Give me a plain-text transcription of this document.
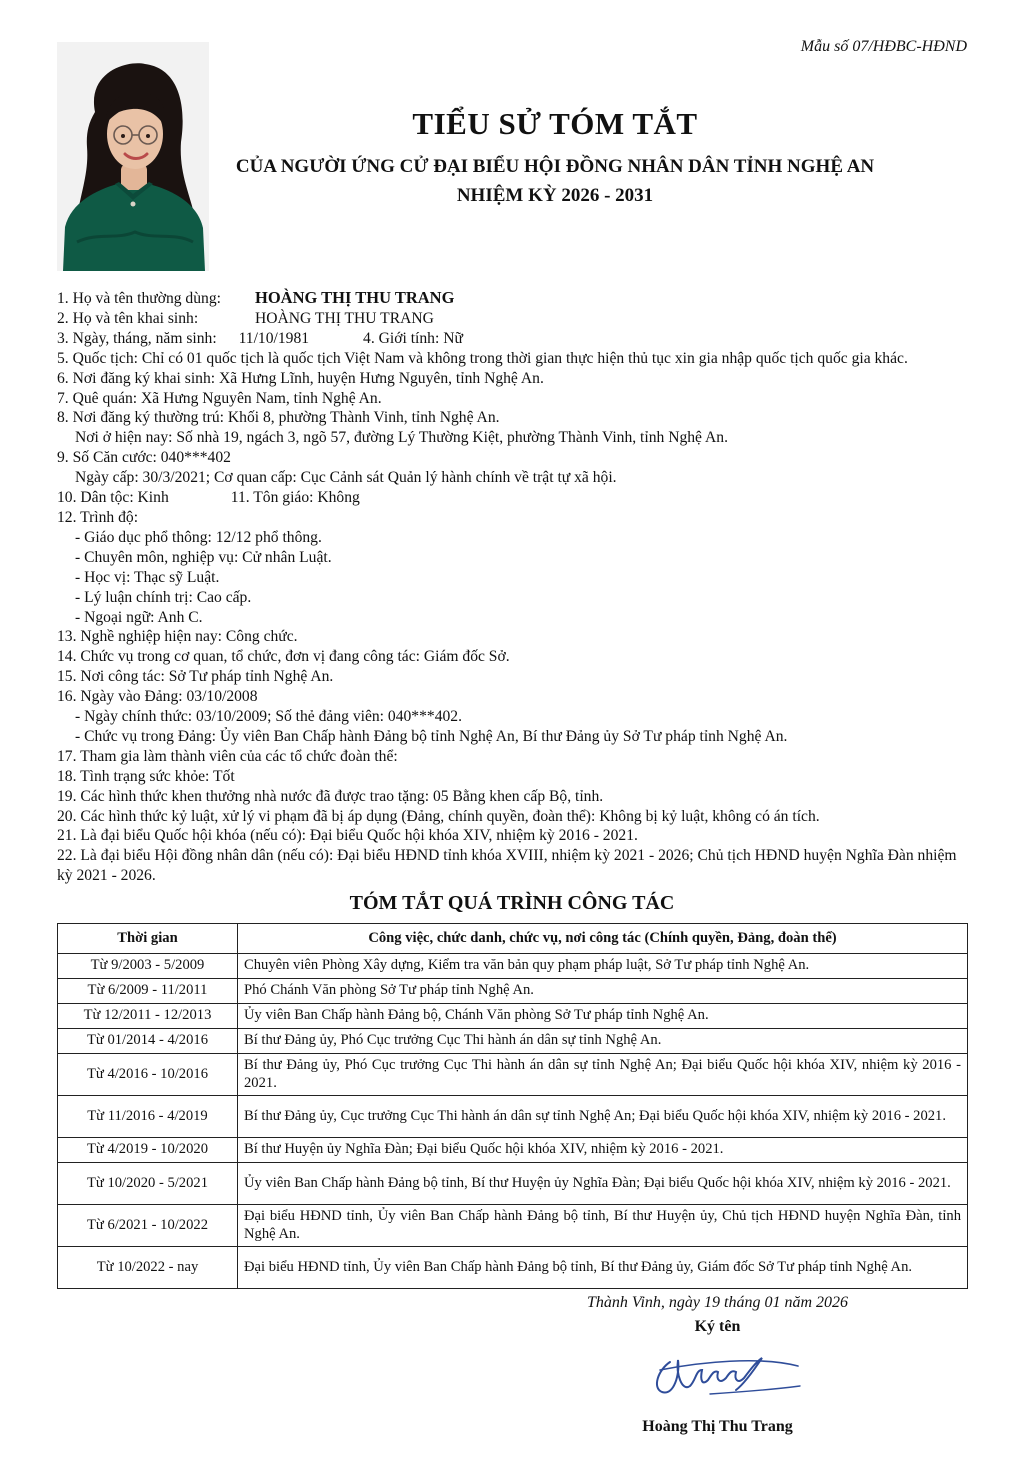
Mẫu số 07/HĐBC-HĐND
TIỂU SỬ TÓM TẮT
CỦA NGƯỜI ỨNG CỬ ĐẠI BIỂU HỘI ĐỒNG NHÂN DÂN TỈNH NGHỆ AN
NHIỆM KỲ 2026 - 2031
1. Họ và tên thường dùng: HOÀNG THỊ THU TRANG
2. Họ và tên khai sinh:	HOÀNG THỊ THU TRANG
3. Ngày, tháng, năm sinh: 11/10/1981	4. Giới tính: Nữ
5. Quốc tịch: Chỉ có 01 quốc tịch là quốc tịch Việt Nam và không trong thời gian thực hiện thủ tục xin gia nhập quốc tịch quốc gia khác.
6. Nơi đăng ký khai sinh: Xã Hưng Lĩnh, huyện Hưng Nguyên, tỉnh Nghệ An.
7. Quê quán: Xã Hưng Nguyên Nam, tỉnh Nghệ An.
8. Nơi đăng ký thường trú: Khối 8, phường Thành Vinh, tỉnh Nghệ An.
Nơi ở hiện nay: Số nhà 19, ngách 3, ngõ 57, đường Lý Thường Kiệt, phường Thành Vinh, tỉnh Nghệ An.
9. Số Căn cước: 040***402
Ngày cấp: 30/3/2021; Cơ quan cấp: Cục Cảnh sát Quản lý hành chính về trật tự xã hội.
10. Dân tộc: Kinh	11. Tôn giáo: Không
12. Trình độ:
- Giáo dục phổ thông: 12/12 phổ thông.
- Chuyên môn, nghiệp vụ: Cử nhân Luật.
- Học vị: Thạc sỹ Luật.
- Lý luận chính trị: Cao cấp.
- Ngoại ngữ: Anh C.
13. Nghề nghiệp hiện nay: Công chức.
14. Chức vụ trong cơ quan, tổ chức, đơn vị đang công tác: Giám đốc Sở.
15. Nơi công tác: Sở Tư pháp tỉnh Nghệ An.
16. Ngày vào Đảng: 03/10/2008
- Ngày chính thức: 03/10/2009; Số thẻ đảng viên: 040***402.
- Chức vụ trong Đảng: Ủy viên Ban Chấp hành Đảng bộ tỉnh Nghệ An, Bí thư Đảng ủy Sở Tư pháp tỉnh Nghệ An.
17. Tham gia làm thành viên của các tổ chức đoàn thể:
18. Tình trạng sức khỏe: Tốt
19. Các hình thức khen thưởng nhà nước đã được trao tặng: 05 Bằng khen cấp Bộ, tỉnh.
20. Các hình thức kỷ luật, xử lý vi phạm đã bị áp dụng (Đảng, chính quyền, đoàn thể): Không bị kỷ luật, không có án tích.
21. Là đại biểu Quốc hội khóa (nếu có): Đại biểu Quốc hội khóa XIV, nhiệm kỳ 2016 - 2021.
22. Là đại biểu Hội đồng nhân dân (nếu có): Đại biểu HĐND tỉnh khóa XVIII, nhiệm kỳ 2021 - 2026; Chủ tịch HĐND huyện Nghĩa Đàn nhiệm kỳ 2021 - 2026.
TÓM TẮT QUÁ TRÌNH CÔNG TÁC
Thời gian	Công việc, chức danh, chức vụ, nơi công tác (Chính quyền, Đảng, đoàn thể)
Từ 9/2003 - 5/2009	Chuyên viên Phòng Xây dựng, Kiểm tra văn bản quy phạm pháp luật, Sở Tư pháp tỉnh Nghệ An.
Từ 6/2009 - 11/2011	Phó Chánh Văn phòng Sở Tư pháp tỉnh Nghệ An.
Từ 12/2011 - 12/2013	Ủy viên Ban Chấp hành Đảng bộ, Chánh Văn phòng Sở Tư pháp tỉnh Nghệ An.
Từ 01/2014 - 4/2016	Bí thư Đảng ủy, Phó Cục trưởng Cục Thi hành án dân sự tỉnh Nghệ An.
Từ 4/2016 - 10/2016	Bí thư Đảng ủy, Phó Cục trưởng Cục Thi hành án dân sự tỉnh Nghệ An; Đại biểu Quốc hội khóa XIV, nhiệm kỳ 2016 - 2021.
Từ 11/2016 - 4/2019	Bí thư Đảng ủy, Cục trưởng Cục Thi hành án dân sự tỉnh Nghệ An; Đại biểu Quốc hội khóa XIV, nhiệm kỳ 2016 - 2021.
Từ 4/2019 - 10/2020	Bí thư Huyện ủy Nghĩa Đàn; Đại biểu Quốc hội khóa XIV, nhiệm kỳ 2016 - 2021.
Từ 10/2020 - 5/2021	Ủy viên Ban Chấp hành Đảng bộ tỉnh, Bí thư Huyện ủy Nghĩa Đàn; Đại biểu Quốc hội khóa XIV, nhiệm kỳ 2016 - 2021.
Từ 6/2021 - 10/2022	Đại biểu HĐND tỉnh, Ủy viên Ban Chấp hành Đảng bộ tỉnh, Bí thư Huyện ủy, Chủ tịch HĐND huyện Nghĩa Đàn, tỉnh Nghệ An.
Từ 10/2022 - nay	Đại biểu HĐND tỉnh, Ủy viên Ban Chấp hành Đảng bộ tỉnh, Bí thư Đảng ủy, Giám đốc Sở Tư pháp tỉnh Nghệ An.
Thành Vinh, ngày 19 tháng 01 năm 2026
Ký tên
Hoàng Thị Thu Trang
